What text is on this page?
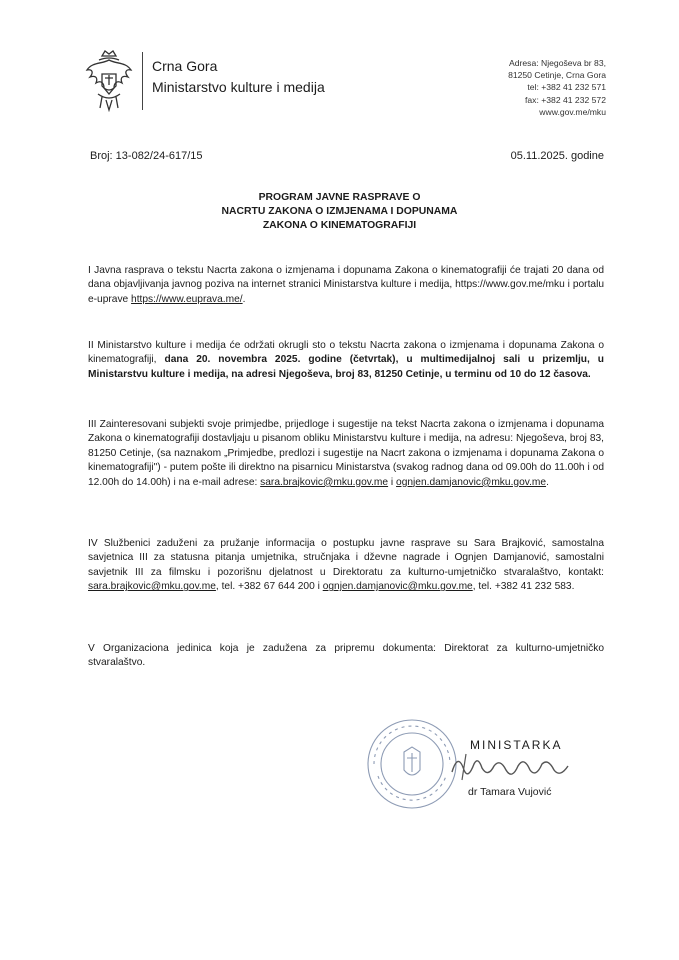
Crna Gora
Ministarstvo kulture i medija
Adresa: Njegoševa br 83,
81250 Cetinje, Crna Gora
tel: +382 41 232 571
fax: +382 41 232 572
www.gov.me/mku
Broj: 13-082/24-617/15	05.11.2025. godine
PROGRAM JAVNE RASPRAVE O
NACRTU ZAKONA O IZMJENAMA I DOPUNAMA
ZAKONA O KINEMATOGRAFIJI
I Javna rasprava o tekstu Nacrta zakona o izmjenama i dopunama Zakona o kinematografiji će trajati 20 dana od dana objavljivanja javnog poziva na internet stranici Ministarstva kulture i medija, https://www.gov.me/mku i portalu e-uprave https://www.euprava.me/.
II Ministarstvo kulture i medija će održati okrugli sto o tekstu Nacrta zakona o izmjenama i dopunama Zakona o kinematografiji, dana 20. novembra 2025. godine (četvrtak), u multimedijalnoj sali u prizemlju, u Ministarstvu kulture i medija, na adresi Njegoševa, broj 83, 81250 Cetinje, u terminu od 10 do 12 časova.
III Zainteresovani subjekti svoje primjedbe, prijedloge i sugestije na tekst Nacrta zakona o izmjenama i dopunama Zakona o kinematografiji dostavljaju u pisanom obliku Ministarstvu kulture i medija, na adresu: Njegoševa, broj 83, 81250 Cetinje, (sa naznakom „Primjedbe, predlozi i sugestije na Nacrt zakona o izmjenama i dopunama Zakona o kinematografiji") - putem pošte ili direktno na pisarnicu Ministarstva (svakog radnog dana od 09.00h do 11.00h i od 12.00h do 14.00h) i na e-mail adrese: sara.brajkovic@mku.gov.me i ognjen.damjanovic@mku.gov.me.
IV Službenici zaduženi za pružanje informacija o postupku javne rasprave su Sara Brajković, samostalna savjetnica III za statusna pitanja umjetnika, stručnjaka i dževne nagrade i Ognjen Damjanović, samostalni savjetnik III za filmsku i pozorišnu djelatnost u Direktoratu za kulturno-umjetničko stvaralaštvo, kontakt: sara.brajkovic@mku.gov.me, tel. +382 67 644 200 i ognjen.damjanovic@mku.gov.me, tel. +382 41 232 583.
V Organizaciona jedinica koja je zadužena za pripremu dokumenta: Direktorat za kulturno-umjetničko stvaralaštvo.
MINISTARKA
dr Tamara Vujović
